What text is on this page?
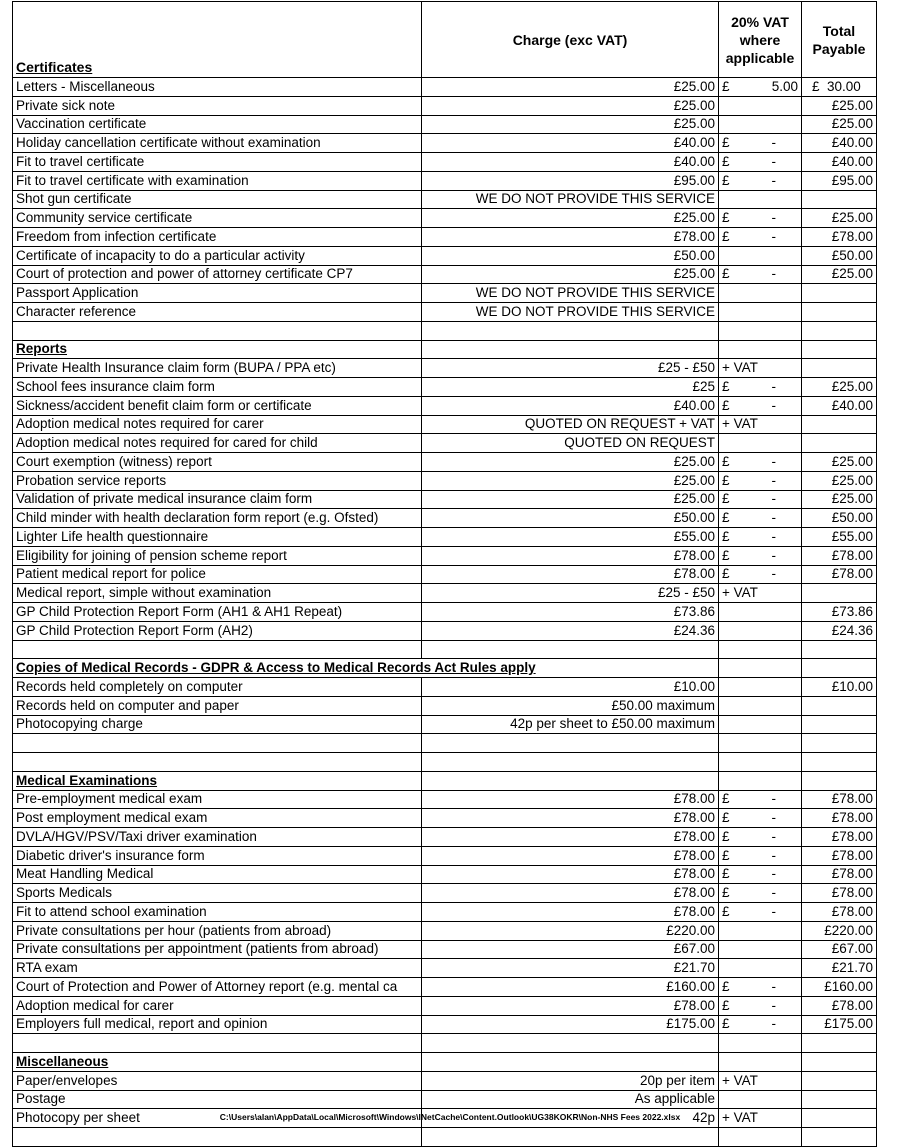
Certificates	Charge (exc VAT)	20% VAT where applicable	Total Payable
Letters - Miscellaneous	£25.00	£ 5.00	£  30.00
Private sick note	£25.00		£25.00
Vaccination certificate	£25.00		£25.00
Holiday cancellation certificate without examination	£40.00	£ -	£40.00
Fit to travel certificate	£40.00	£ -	£40.00
Fit to travel certificate with examination	£95.00	£ -	£95.00
Shot gun certificate	WE DO NOT PROVIDE THIS SERVICE	

Community service certificate	£25.00	£ -	£25.00
Freedom from infection certificate	£78.00	£ -	£78.00
Certificate of incapacity to do a particular activity	£50.00		£50.00
Court of protection and power of attorney certificate CP7	£25.00	£ -	£25.00
Passport Application	WE DO NOT PROVIDE THIS SERVICE	

Character reference	WE DO NOT PROVIDE THIS SERVICE	

Reports			
Private Health Insurance claim form (BUPA / PPA etc)	£25 - £50	+ VAT	

School fees insurance claim form	£25	£ -	£25.00
Sickness/accident benefit claim form or certificate	£40.00	£ -	£40.00
Adoption medical notes required for carer	QUOTED ON REQUEST + VAT	+ VAT	

Adoption medical notes required for cared for child	QUOTED ON REQUEST	

Court exemption (witness) report	£25.00	£ -	£25.00
Probation service reports	£25.00	£ -	£25.00
Validation of private medical insurance claim form	£25.00	£ -	£25.00
Child minder with health declaration form report (e.g. Ofsted)	£50.00	£ -	£50.00
Lighter Life health questionnaire	£55.00	£ -	£55.00
Eligibility for joining of pension scheme report	£78.00	£ -	£78.00
Patient medical report for police	£78.00	£ -	£78.00
Medical report, simple without examination	£25 - £50	+ VAT	

GP Child Protection Report Form (AH1 & AH1 Repeat)	£73.86		£73.86
GP Child Protection Report Form (AH2)	£24.36		£24.36

Copies of Medical Records - GDPR & Access to Medical Records Act Rules apply			
Records held completely on computer	£10.00		£10.00
Records held on computer and paper	£50.00 maximum	

Photocopying charge	42p per sheet to £50.00 maximum	

Medical Examinations			
Pre-employment medical exam	£78.00	£ -	£78.00
Post employment medical exam	£78.00	£ -	£78.00
DVLA/HGV/PSV/Taxi driver examination	£78.00	£ -	£78.00
Diabetic driver's insurance form	£78.00	£ -	£78.00
Meat Handling Medical	£78.00	£ -	£78.00
Sports Medicals	£78.00	£ -	£78.00
Fit to attend school examination	£78.00	£ -	£78.00
Private consultations per hour (patients from abroad)	£220.00		£220.00
Private consultations per appointment (patients from abroad)	£67.00		£67.00
RTA exam	£21.70		£21.70
Court of Protection and Power of Attorney report (e.g. mental ca	£160.00	£ -	£160.00
Adoption medical for carer	£78.00	£ -	£78.00
Employers full medical, report and opinion	£175.00	£ -	£175.00

Miscellaneous			
Paper/envelopes	20p per item	+ VAT	

Postage	As applicable	

Photocopy per sheet	42p	+ VAT	

C:\Users\alan\AppData\Local\Microsoft\Windows\INetCache\Content.Outlook\UG38KOKR\Non-NHS Fees 2022.xlsx
